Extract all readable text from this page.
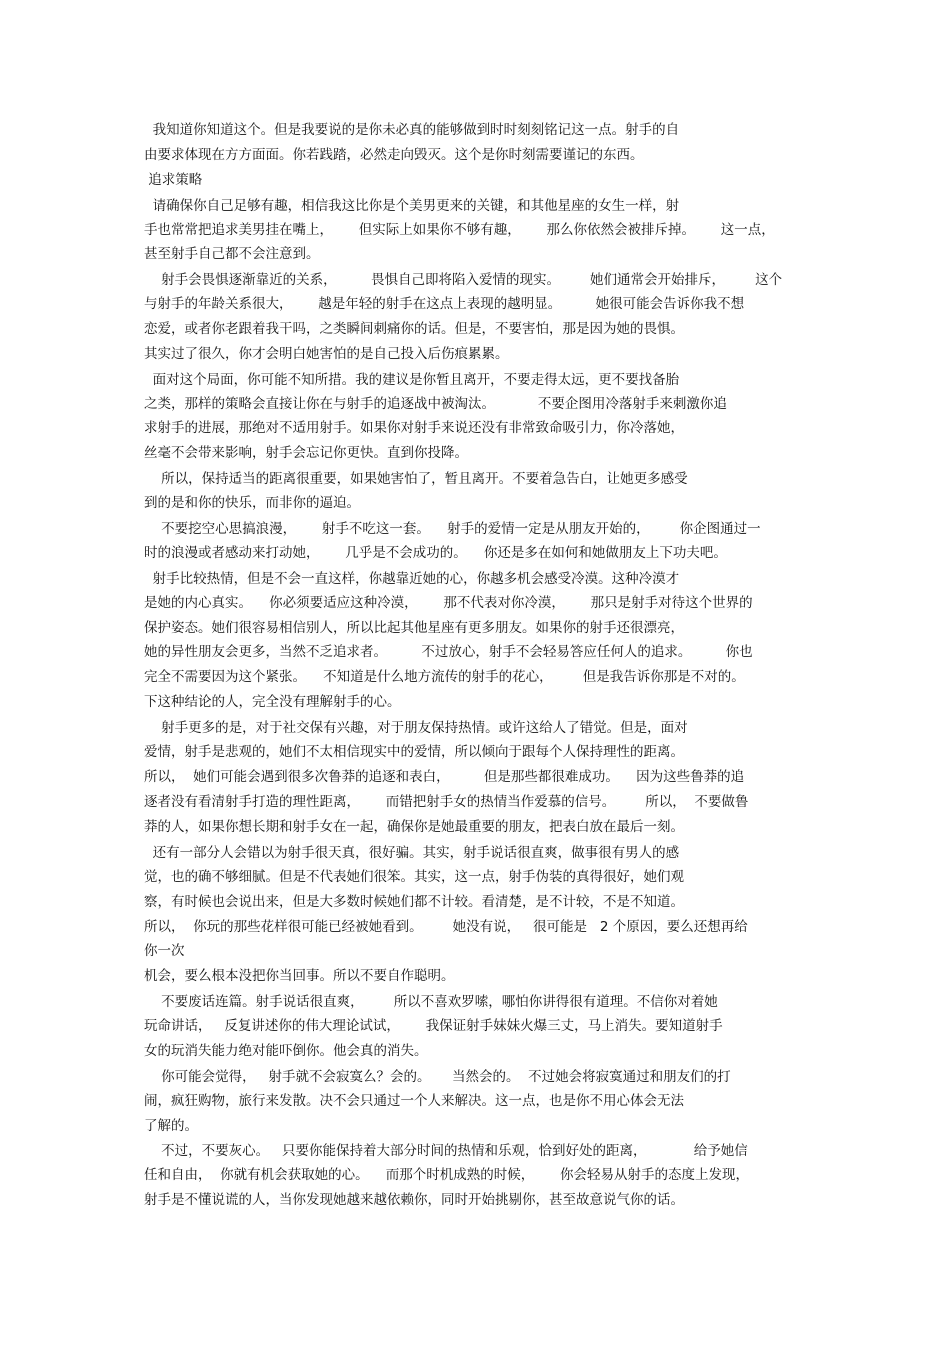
我知道你知道这个。但是我要说的是你未必真的能够做到时时刻刻铭记这一点。射手的自
由要求体现在方方面面。你若践踏，必然走向毁灭。这个是你时刻需要谨记的东西。
追求策略
请确保你自己足够有趣，相信我这比你是个美男更来的关键，和其他星座的女生一样，射
手也常常把追求美男挂在嘴上，      但实际上如果你不够有趣，      那么你依然会被排斥掉。      这一点，
甚至射手自己都不会注意到。
射手会畏惧逐渐靠近的关系，        畏惧自己即将陷入爱情的现实。       她们通常会开始排斥，       这个
与射手的年龄关系很大，      越是年轻的射手在这点上表现的越明显。        她很可能会告诉你我不想
恋爱，或者你老跟着我干吗，之类瞬间刺痛你的话。但是，不要害怕，那是因为她的畏惧。
其实过了很久，你才会明白她害怕的是自己投入后伤痕累累。
面对这个局面，你可能不知所措。我的建议是你暂且离开，不要走得太远，更不要找备胎
之类，那样的策略会直接让你在与射手的追逐战中被淘汰。          不要企图用冷落射手来刺激你追
求射手的进展，那绝对不适用射手。如果你对射手来说还没有非常致命吸引力，你冷落她，
丝毫不会带来影响，射手会忘记你更快。直到你投降。
所以，保持适当的距离很重要，如果她害怕了，暂且离开。不要着急告白，让她更多感受
到的是和你的快乐，而非你的逼迫。
不要挖空心思搞浪漫，      射手不吃这一套。    射手的爱情一定是从朋友开始的，       你企图通过一
时的浪漫或者感动来打动她，      几乎是不会成功的。    你还是多在如何和她做朋友上下功夫吧。
射手比较热情，但是不会一直这样，你越靠近她的心，你越多机会感受冷漠。这种冷漠才
是她的内心真实。    你必须要适应这种冷漠，      那不代表对你冷漠，      那只是射手对待这个世界的
保护姿态。她们很容易相信别人，所以比起其他星座有更多朋友。如果你的射手还很漂亮，
她的异性朋友会更多，当然不乏追求者。        不过放心，射手不会轻易答应任何人的追求。        你也
完全不需要因为这个紧张。    不知道是什么地方流传的射手的花心，       但是我告诉你那是不对的。
下这种结论的人，完全没有理解射手的心。
射手更多的是，对于社交保有兴趣，对于朋友保持热情。或许这给人了错觉。但是，面对
爱情，射手是悲观的，她们不太相信现实中的爱情，所以倾向于跟每个人保持理性的距离。
所以，  她们可能会遇到很多次鲁莽的追逐和表白，        但是那些都很难成功。    因为这些鲁莽的追
逐者没有看清射手打造的理性距离，      而错把射手女的热情当作爱慕的信号。       所以，  不要做鲁
莽的人，如果你想长期和射手女在一起，确保你是她最重要的朋友，把表白放在最后一刻。
还有一部分人会错以为射手很天真，很好骗。其实，射手说话很直爽，做事很有男人的感
觉，也的确不够细腻。但是不代表她们很笨。其实，这一点，射手伪装的真得很好，她们观
察，有时候也会说出来，但是大多数时候她们都不计较。看清楚，是不计较，不是不知道。
所以，  你玩的那些花样很可能已经被她看到。       她没有说，   很可能是   2 个原因，要么还想再给
你一次
机会，要么根本没把你当回事。所以不要自作聪明。
不要废话连篇。射手说话很直爽，       所以不喜欢罗嗦，哪怕你讲得很有道理。不信你对着她
玩命讲话，   反复讲述你的伟大理论试试，      我保证射手妹妹火爆三丈，马上消失。要知道射手
女的玩消失能力绝对能吓倒你。他会真的消失。
你可能会觉得，   射手就不会寂寞么？会的。     当然会的。  不过她会将寂寞通过和朋友们的打
闹，疯狂购物，旅行来发散。决不会只通过一个人来解决。这一点，也是你不用心体会无法
了解的。
不过，不要灰心。   只要你能保持着大部分时间的热情和乐观，恰到好处的距离，           给予她信
任和自由，  你就有机会获取她的心。    而那个时机成熟的时候，      你会轻易从射手的态度上发现，
射手是不懂说谎的人，当你发现她越来越依赖你，同时开始挑剔你，甚至故意说气你的话。
